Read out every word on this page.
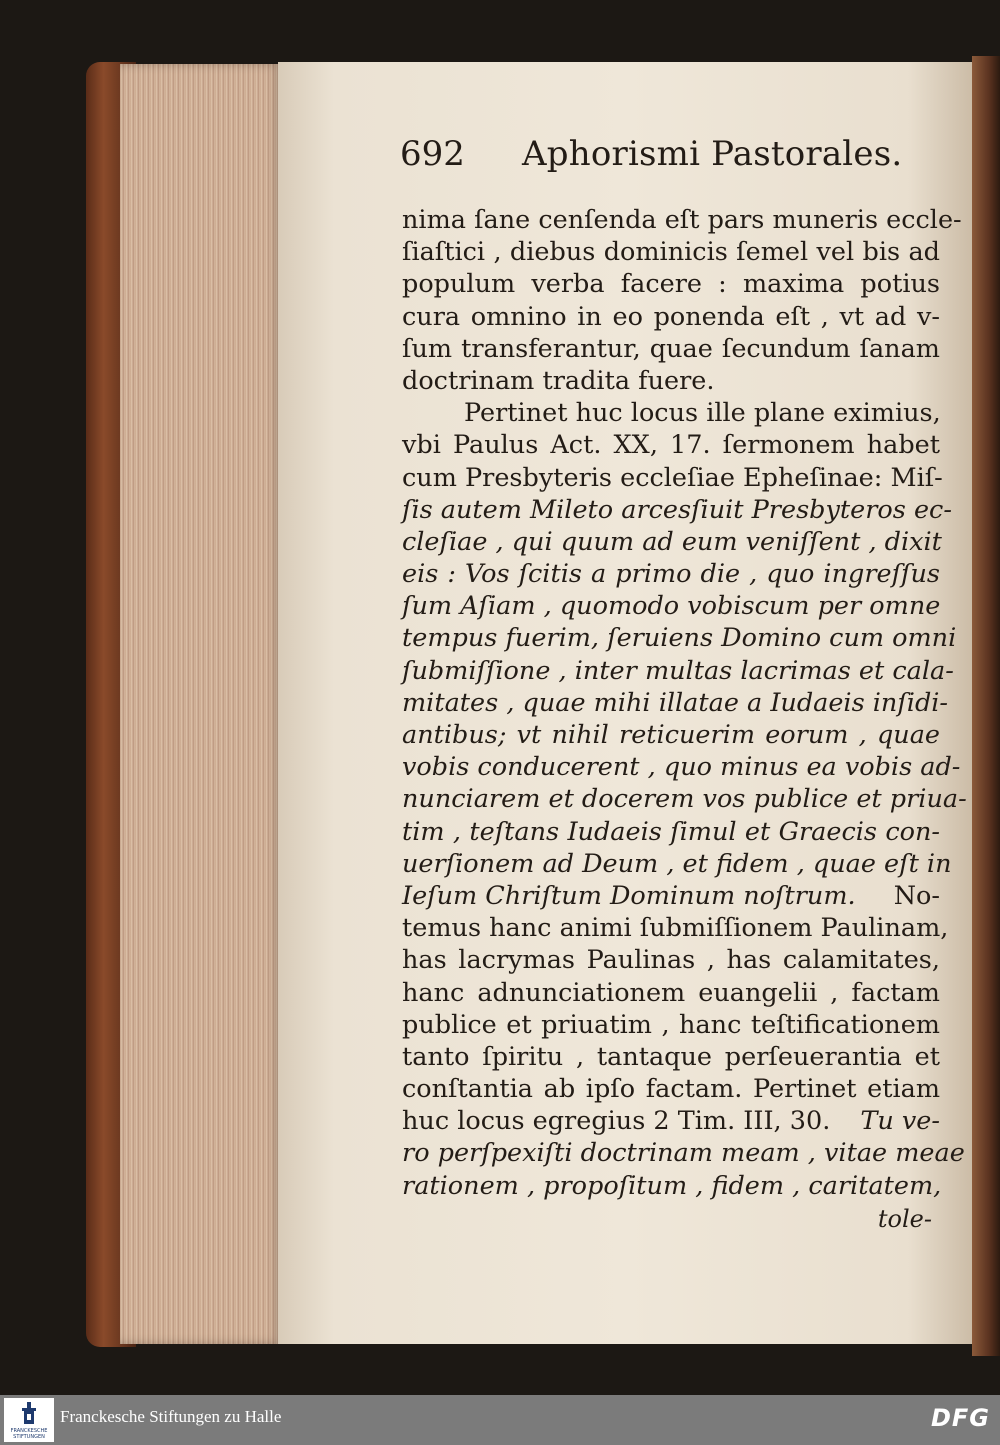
692 Aphorismi Pastorales.
nima ſane cenſenda eſt pars muneris eccle-
ſiaſtici , diebus dominicis ſemel vel bis ad
populum verba facere : maxima potius
cura omnino in eo ponenda eſt , vt ad v-
ſum transferantur, quae ſecundum ſanam
doctrinam tradita fuere.
Pertinet huc locus ille plane eximius,
vbi Paulus Act. XX, 17. ſermonem habet
cum Presbyteris eccleſiae Epheſinae: Miſ-
ſis autem Mileto arcesſiuit Presbyteros ec-
cleſiae , qui quum ad eum veniſſent , dixit
eis : Vos ſcitis a primo die , quo ingreſſus
ſum Aſiam , quomodo vobiscum per omne
tempus fuerim, ſeruiens Domino cum omni
ſubmiſſione , inter multas lacrimas et cala-
mitates , quae mihi illatae a Iudaeis inſidi-
antibus; vt nihil reticuerim eorum , quae
vobis conducerent , quo minus ea vobis ad-
nunciarem et docerem vos publice et priua-
tim , teſtans Iudaeis ſimul et Graecis con-
uerſionem ad Deum , et fidem , quae eſt in
Ieſum Chriſtum Dominum noſtrum. No-
temus hanc animi ſubmiſſionem Paulinam,
has lacrymas Paulinas , has calamitates,
hanc adnunciationem euangelii , factam
publice et priuatim , hanc teſtificationem
tanto ſpiritu , tantaque perſeuerantia et
conſtantia ab ipſo factam. Pertinet etiam
huc locus egregius 2 Tim. III, 30. Tu ve-
ro perſpexiſti doctrinam meam , vitae meae
rationem , propoſitum , fidem , caritatem,
tole-
FRANCKESCHE STIFTUNGEN
Franckesche Stiftungen zu Halle	DFG
